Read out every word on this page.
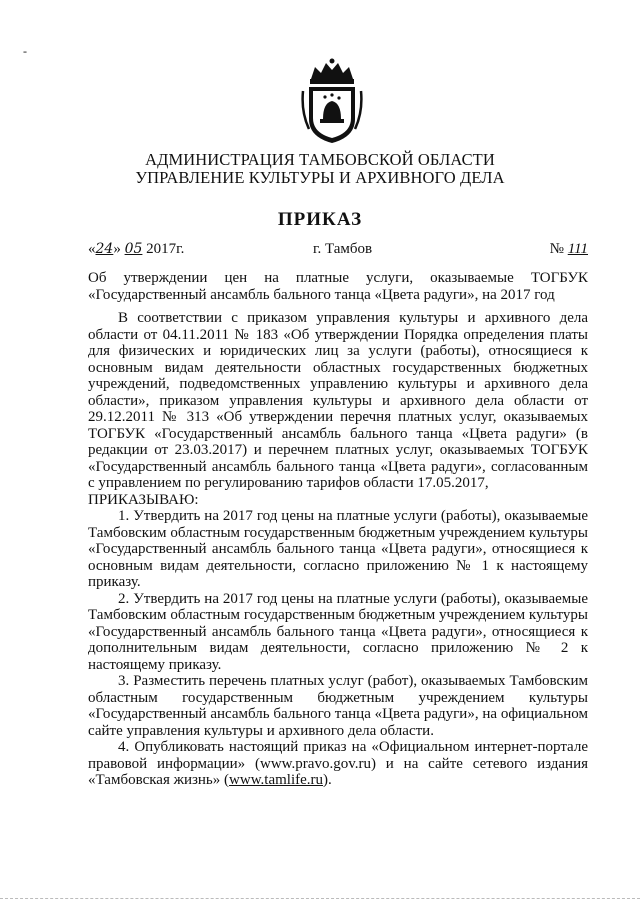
-
АДМИНИСТРАЦИЯ ТАМБОВСКОЙ ОБЛАСТИ
УПРАВЛЕНИЕ КУЛЬТУРЫ И АРХИВНОГО ДЕЛА
ПРИКАЗ
«24» 05 2017г.	г. Тамбов	№ 111
Об утверждении цен на платные услуги, оказываемые ТОГБУК «Государственный ансамбль бального танца «Цвета радуги», на 2017 год

В соответствии с приказом управления культуры и архивного дела области от 04.11.2011 № 183 «Об утверждении Порядка определения платы для физических и юридических лиц за услуги (работы), относящиеся к основным видам деятельности областных государственных бюджетных учреждений, подведомственных управлению культуры и архивного дела области», приказом управления культуры и архивного дела области от 29.12.2011 № 313 «Об утверждении перечня платных услуг, оказываемых ТОГБУК «Государственный ансамбль бального танца «Цвета радуги» (в редакции от 23.03.2017) и перечнем платных услуг, оказываемых ТОГБУК «Государственный ансамбль бального танца «Цвета радуги», согласованным с управлением по регулированию тарифов области 17.05.2017,

ПРИКАЗЫВАЮ:

1. Утвердить на 2017 год цены на платные услуги (работы), оказываемые Тамбовским областным государственным бюджетным учреждением культуры «Государственный ансамбль бального танца «Цвета радуги», относящиеся к основным видам деятельности, согласно приложению № 1 к настоящему приказу.

2. Утвердить на 2017 год цены на платные услуги (работы), оказываемые Тамбовским областным государственным бюджетным учреждением культуры «Государственный ансамбль бального танца «Цвета радуги», относящиеся к дополнительным видам деятельности, согласно приложению № 2 к настоящему приказу.

3. Разместить перечень платных услуг (работ), оказываемых Тамбовским областным государственным бюджетным учреждением культуры «Государственный ансамбль бального танца «Цвета радуги», на официальном сайте управления культуры и архивного дела области.

4. Опубликовать настоящий приказ на «Официальном интернет-портале правовой информации» (www.pravo.gov.ru) и на сайте сетевого издания «Тамбовская жизнь» (www.tamlife.ru).
